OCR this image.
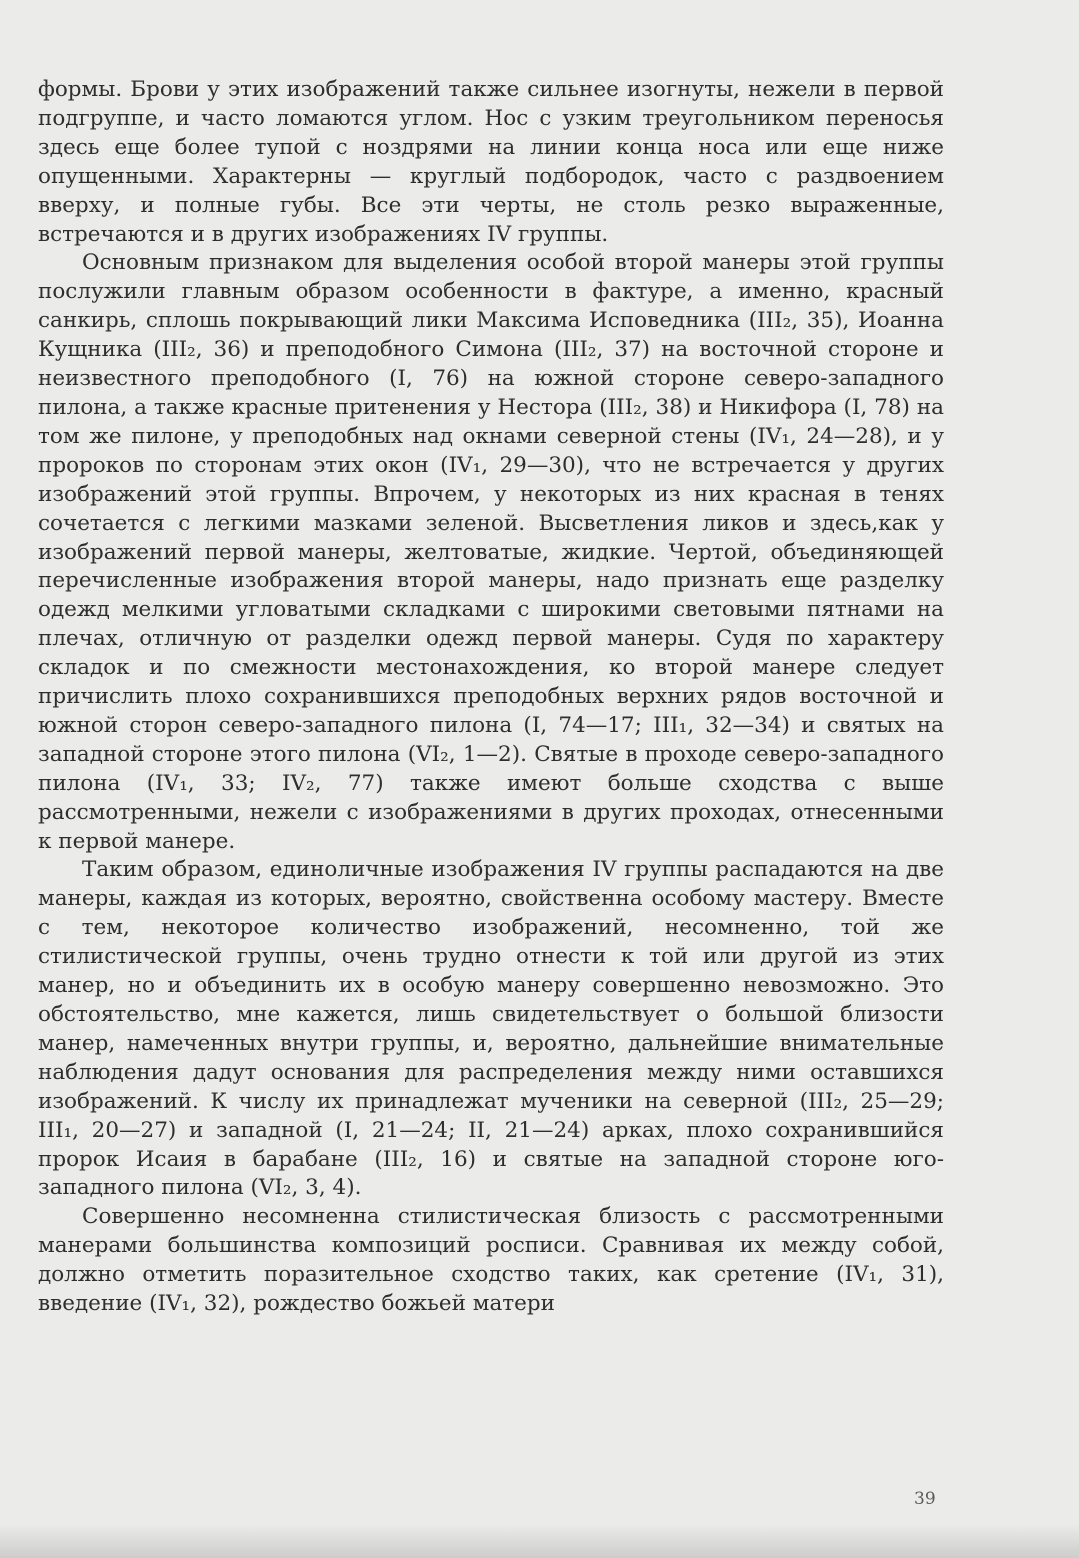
формы. Брови у этих изображений также сильнее изогнуты, нежели в первой подгруппе, и часто ломаются углом. Нос с узким треугольником переносья здесь еще более тупой с ноздрями на линии конца носа или еще ниже опущенными. Характерны — круглый подбородок, часто с раздвоением вверху, и полные губы. Все эти черты, не столь резко выраженные, встречаются и в других изображениях IV группы.

Основным признаком для выделения особой второй манеры этой группы послужили главным образом особенности в фактуре, а именно, красный санкирь, сплошь покрывающий лики Максима Исповедника (III₂, 35), Иоанна Кущника (III₂, 36) и преподобного Симона (III₂, 37) на восточной стороне и неизвестного преподобного (I, 76) на южной стороне северо-западного пилона, а также красные притенения у Нестора (III₂, 38) и Никифора (I, 78) на том же пилоне, у преподобных над окнами северной стены (IV₁, 24—28), и у пророков по сторонам этих окон (IV₁, 29—30), что не встречается у других изображений этой группы. Впрочем, у некоторых из них красная в тенях сочетается с легкими мазками зеленой. Высветления ликов и здесь,как у изображений первой манеры, желтоватые, жидкие. Чертой, объединяющей перечисленные изображения второй манеры, надо признать еще разделку одежд мелкими угловатыми складками с широкими световыми пятнами на плечах, отличную от разделки одежд первой манеры. Судя по характеру складок и по смежности местонахождения, ко второй манере следует причислить плохо сохранившихся преподобных верхних рядов восточной и южной сторон северо-западного пилона (I, 74—17; III₁, 32—34) и святых на западной стороне этого пилона (VI₂, 1—2). Святые в проходе северо-западного пилона (IV₁, 33; IV₂, 77) также имеют больше сходства с выше рассмотренными, нежели с изображениями в других проходах, отнесенными к первой манере.

Таким образом, единоличные изображения IV группы распадаются на две манеры, каждая из которых, вероятно, свойственна особому мастеру. Вместе с тем, некоторое количество изображений, несомненно, той же стилистической группы, очень трудно отнести к той или другой из этих манер, но и объединить их в особую манеру совершенно невозможно. Это обстоятельство, мне кажется, лишь свидетельствует о большой близости манер, намеченных внутри группы, и, вероятно, дальнейшие внимательные наблюдения дадут основания для распределения между ними оставшихся изображений. К числу их принадлежат мученики на северной (III₂, 25—29; III₁, 20—27) и западной (I, 21—24; II, 21—24) арках, плохо сохранившийся пророк Исаия в барабане (III₂, 16) и святые на западной стороне юго-западного пилона (VI₂, 3, 4).

Совершенно несомненна стилистическая близость с рассмотренными манерами большинства композиций росписи. Сравнивая их между собой, должно отметить поразительное сходство таких, как сретение (IV₁, 31), введение (IV₁, 32), рождество божьей матери

39
